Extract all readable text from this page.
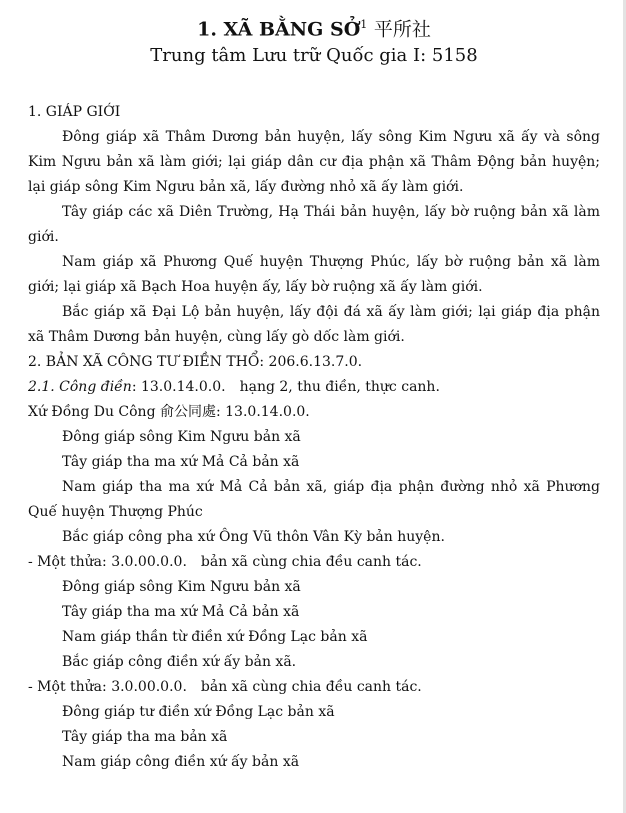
1. XÃ BẰNG SỞ$^1$ 平所社
Trung tâm Lưu trữ Quốc gia I: 5158

1. GIÁP GIỚI

Đông giáp xã Thâm Dương bản huyện, lấy sông Kim Ngưu xã ấy và sông Kim Ngưu bản xã làm giới; lại giáp dân cư địa phận xã Thâm Động bản huyện; lại giáp sông Kim Ngưu bản xã, lấy đường nhỏ xã ấy làm giới.

Tây giáp các xã Diên Trường, Hạ Thái bản huyện, lấy bờ ruộng bản xã làm giới.

Nam giáp xã Phương Quế huyện Thượng Phúc, lấy bờ ruộng bản xã làm giới; lại giáp xã Bạch Hoa huyện ấy, lấy bờ ruộng xã ấy làm giới.

Bắc giáp xã Đại Lộ bản huyện, lấy đội đá xã ấy làm giới; lại giáp địa phận xã Thâm Dương bản huyện, cùng lấy gò dốc làm giới.

2. BẢN XÃ CÔNG TƯ ĐIỀN THỔ: 206.6.13.7.0.

2.1. Công điền: 13.0.14.0.0. hạng 2, thu điền, thực canh.

Xứ Đồng Du Công 俞公同處: 13.0.14.0.0.

Đông giáp sông Kim Ngưu bản xã

Tây giáp tha ma xứ Mả Cả bản xã

Nam giáp tha ma xứ Mả Cả bản xã, giáp địa phận đường nhỏ xã Phương Quế huyện Thượng Phúc

Bắc giáp công pha xứ Ông Vũ thôn Vân Kỳ bản huyện.

- Một thửa: 3.0.00.0.0. bản xã cùng chia đều canh tác.

Đông giáp sông Kim Ngưu bản xã

Tây giáp tha ma xứ Mả Cả bản xã

Nam giáp thần từ điền xứ Đồng Lạc bản xã

Bắc giáp công điền xứ ấy bản xã.

- Một thửa: 3.0.00.0.0. bản xã cùng chia đều canh tác.

Đông giáp tư điền xứ Đồng Lạc bản xã

Tây giáp tha ma bản xã

Nam giáp công điền xứ ấy bản xã
